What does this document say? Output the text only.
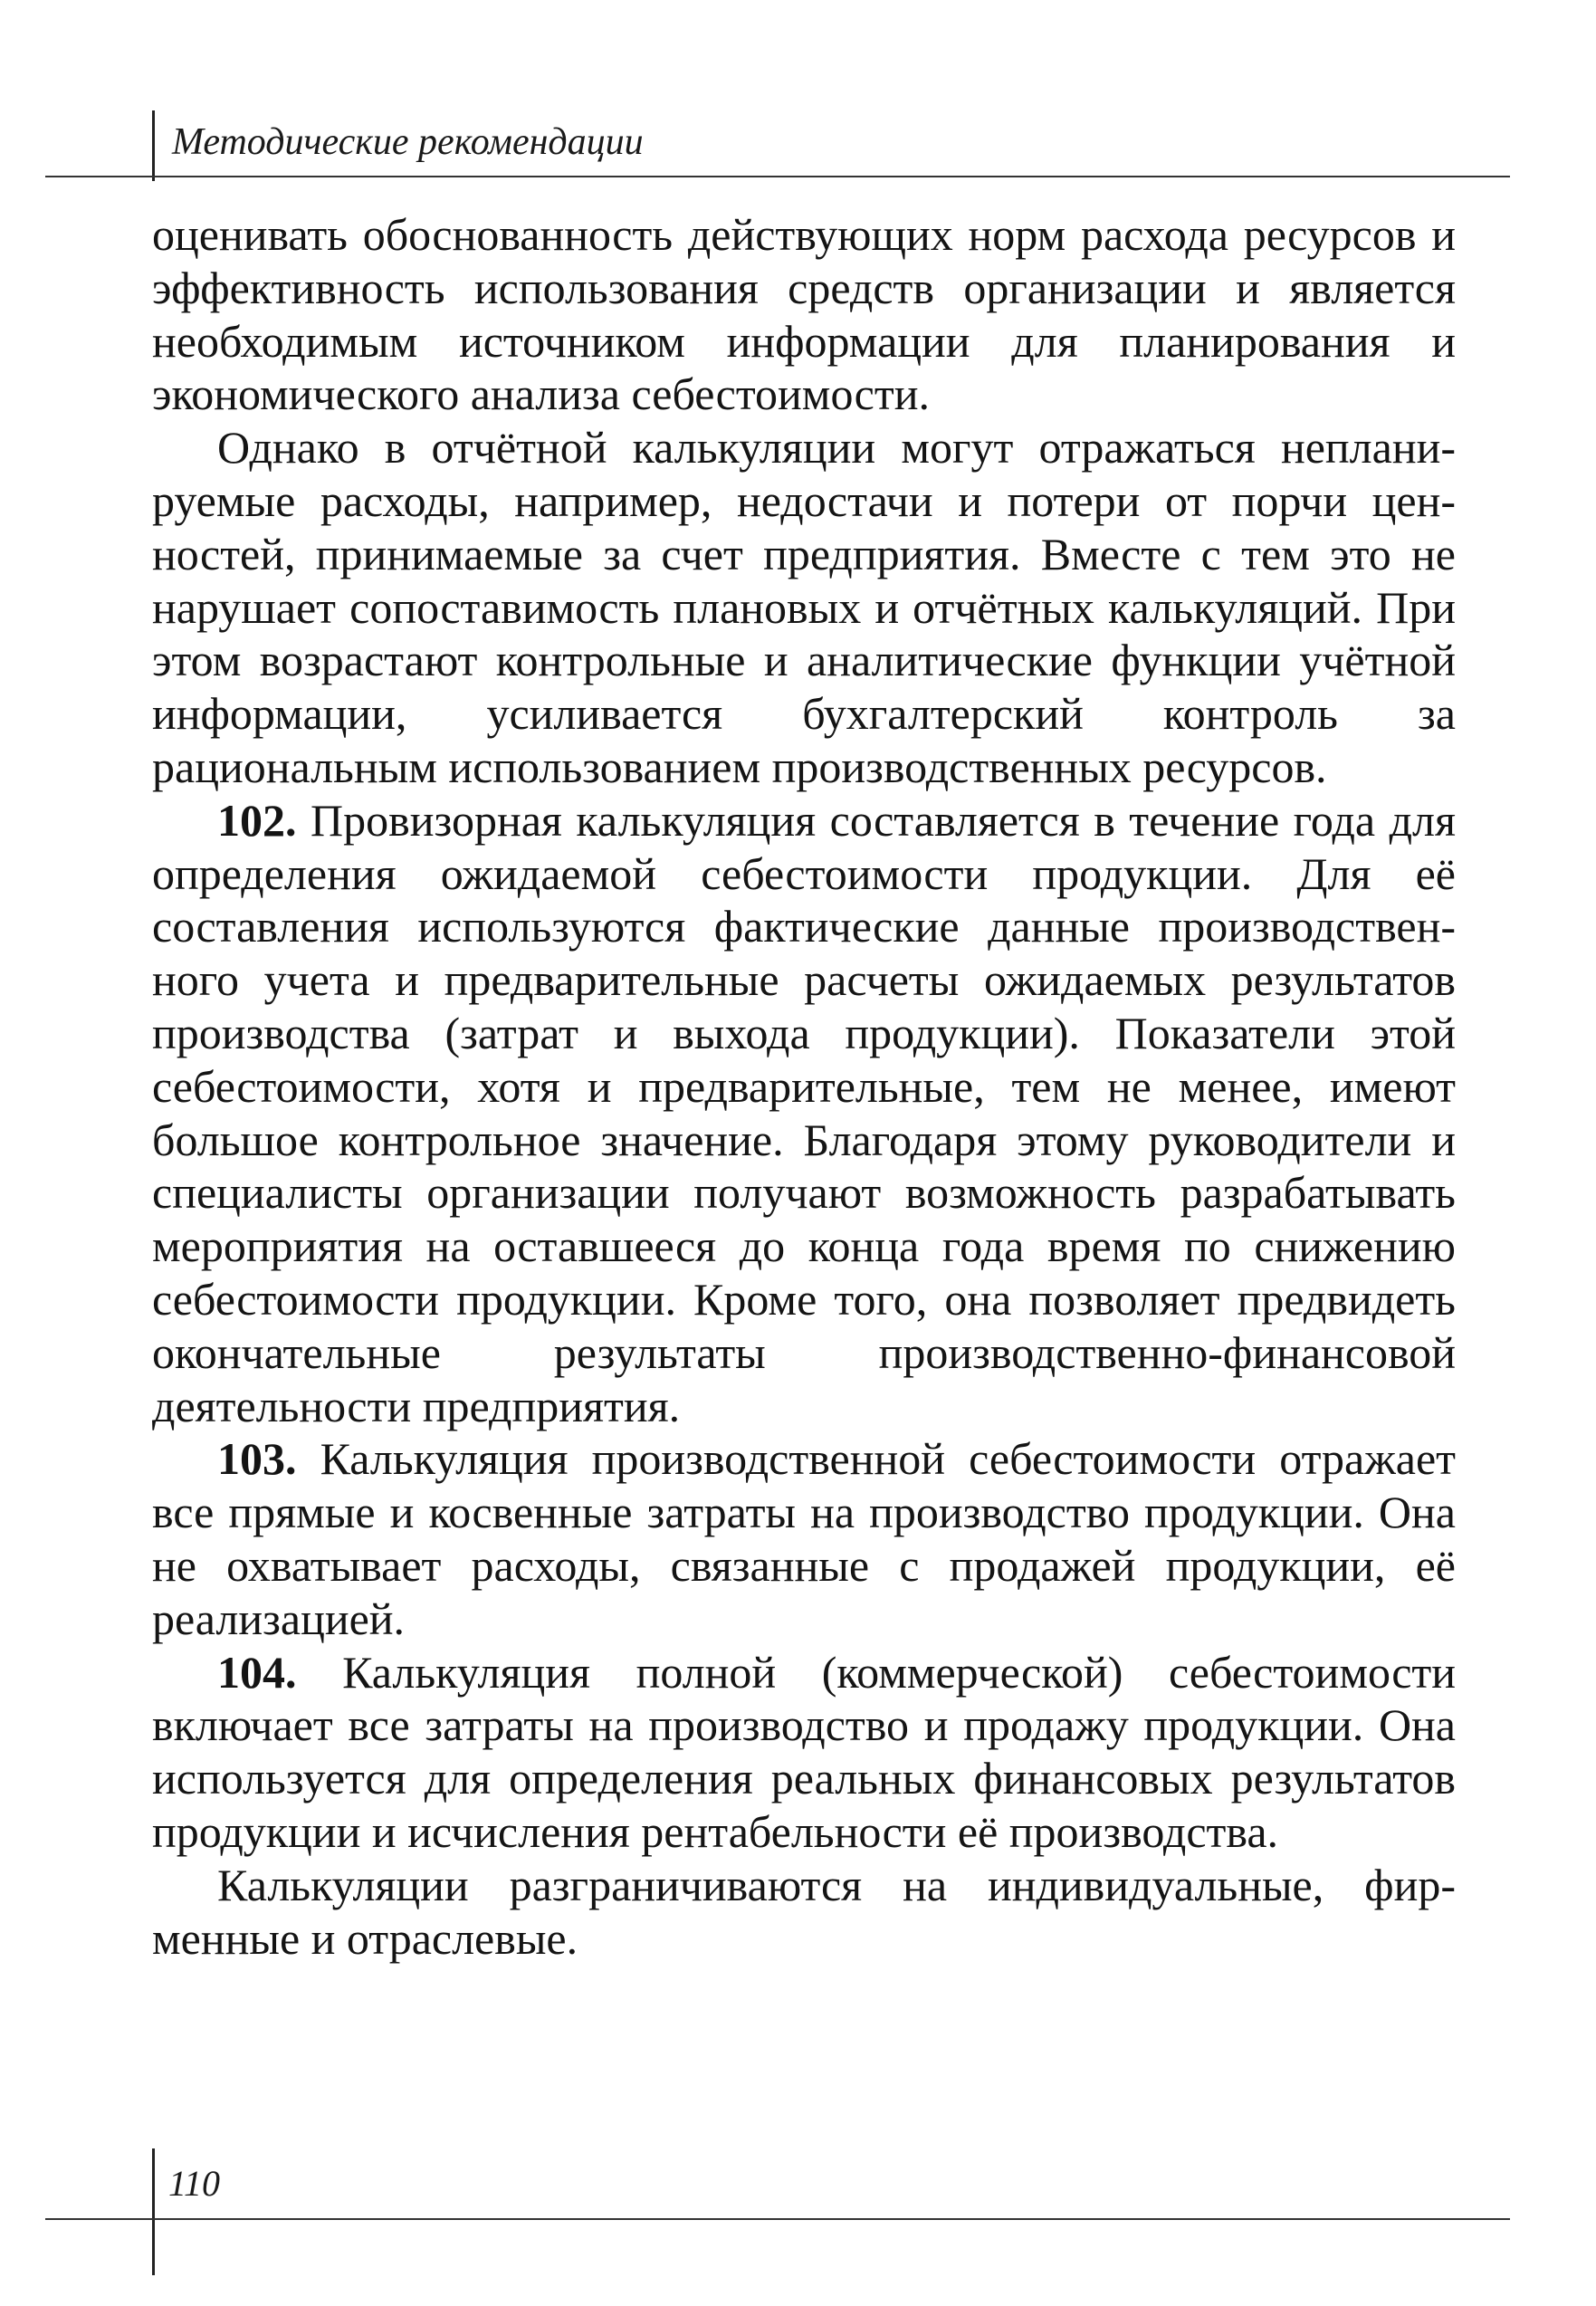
Методические рекомендации

оценивать обоснованность действующих норм расхода ресурсов и эффективность использования средств организации и является необходимым источником информации для планирования и экономического анализа себестоимости.

Однако в отчётной калькуляции могут отражаться непланируемые расходы, например, недостачи и потери от порчи ценностей, принимаемые за счет предприятия. Вместе с тем это не нарушает сопоставимость плановых и отчётных калькуляций. При этом возрастают контрольные и аналитические функции учётной информации, усиливается бухгалтерский контроль за рациональным использованием производственных ресурсов.

102. Провизорная калькуляция составляется в течение года для определения ожидаемой себестоимости продукции. Для её составления используются фактические данные производственного учета и предварительные расчеты ожидаемых результатов производства (затрат и выхода продукции). Показатели этой себестоимости, хотя и предварительные, тем не менее, имеют большое контрольное значение. Благодаря этому руководители и специалисты организации получают возможность разрабатывать мероприятия на оставшееся до конца года время по снижению себестоимости продукции. Кроме того, она позволяет предвидеть окончательные результаты производственно-финансовой деятельности предприятия.

103. Калькуляция производственной себестоимости отражает все прямые и косвенные затраты на производство продукции. Она не охватывает расходы, связанные с продажей продукции, её реализацией.

104. Калькуляция полной (коммерческой) себестоимости включает все затраты на производство и продажу продукции. Она используется для определения реальных финансовых результатов продукции и исчисления рентабельности её производства.

Калькуляции разграничиваются на индивидуальные, фирменные и отраслевые.

110
